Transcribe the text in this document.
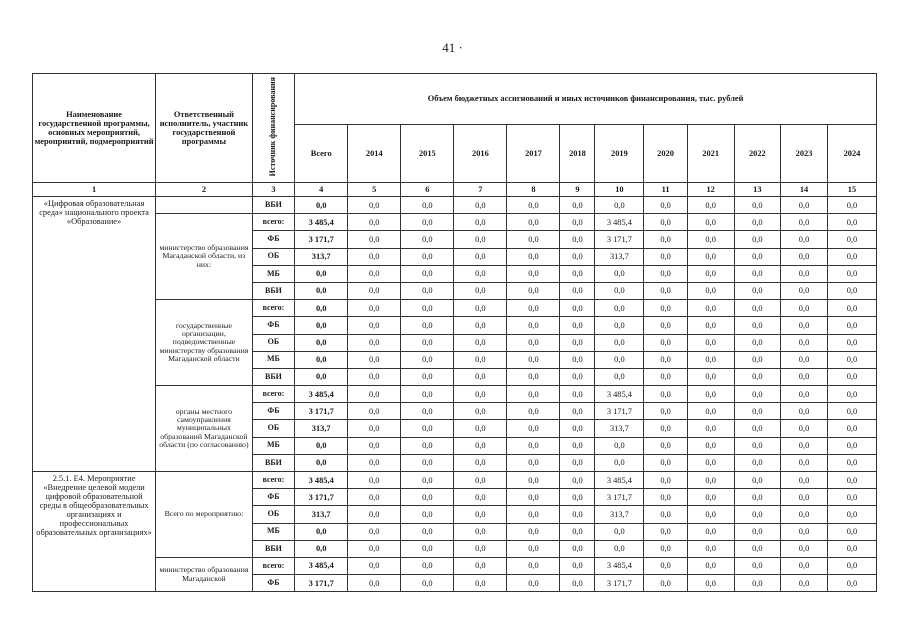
41 ·
Наименование государственной программы, основных мероприятий, мероприятий, подмероприятий	Ответственный исполнитель, участник государственной программы	Источник финансирования	Объем бюджетных ассигнований и иных источников финансирования, тыс. рублей											
			Всего	2014	2015	2016	2017	2018	2019	2020	2021	2022	2023	2024
1	2	3	4	5	6	7	8	9	10	11	12	13	14	15
«Цифровая образовательная среда» национального проекта «Образование»		ВБИ	0,0	0,0	0,0	0,0	0,0	0,0	0,0	0,0	0,0	0,0	0,0	0,0
	министерство образования Магаданской области, из них:	всего:	3 485,4	0,0	0,0	0,0	0,0	0,0	3 485,4	0,0	0,0	0,0	0,0	0,0
		ФБ	3 171,7	0,0	0,0	0,0	0,0	0,0	3 171,7	0,0	0,0	0,0	0,0	0,0
		ОБ	313,7	0,0	0,0	0,0	0,0	0,0	313,7	0,0	0,0	0,0	0,0	0,0
		МБ	0,0	0,0	0,0	0,0	0,0	0,0	0,0	0,0	0,0	0,0	0,0	0,0
		ВБИ	0,0	0,0	0,0	0,0	0,0	0,0	0,0	0,0	0,0	0,0	0,0	0,0
	государственные организации, подведомственные министерству образования Магаданской области	всего:	0,0	0,0	0,0	0,0	0,0	0,0	0,0	0,0	0,0	0,0	0,0	0,0
		ФБ	0,0	0,0	0,0	0,0	0,0	0,0	0,0	0,0	0,0	0,0	0,0	0,0
		ОБ	0,0	0,0	0,0	0,0	0,0	0,0	0,0	0,0	0,0	0,0	0,0	0,0
		МБ	0,0	0,0	0,0	0,0	0,0	0,0	0,0	0,0	0,0	0,0	0,0	0,0
		ВБИ	0,0	0,0	0,0	0,0	0,0	0,0	0,0	0,0	0,0	0,0	0,0	0,0
	органы местного самоуправления муниципальных образований Магаданской области (по согласованию)	всего:	3 485,4	0,0	0,0	0,0	0,0	0,0	3 485,4	0,0	0,0	0,0	0,0	0,0
		ФБ	3 171,7	0,0	0,0	0,0	0,0	0,0	3 171,7	0,0	0,0	0,0	0,0	0,0
		ОБ	313,7	0,0	0,0	0,0	0,0	0,0	313,7	0,0	0,0	0,0	0,0	0,0
		МБ	0,0	0,0	0,0	0,0	0,0	0,0	0,0	0,0	0,0	0,0	0,0	0,0
		ВБИ	0,0	0,0	0,0	0,0	0,0	0,0	0,0	0,0	0,0	0,0	0,0	0,0
2.5.1. Е4. Мероприятие «Внедрение целевой модели цифровой образовательной среды в общеобразовательных организациях и профессиональных образовательных организациях»	Всего по мероприятию:	всего:	3 485,4	0,0	0,0	0,0	0,0	0,0	3 485,4	0,0	0,0	0,0	0,0	0,0
		ФБ	3 171,7	0,0	0,0	0,0	0,0	0,0	3 171,7	0,0	0,0	0,0	0,0	0,0
		ОБ	313,7	0,0	0,0	0,0	0,0	0,0	313,7	0,0	0,0	0,0	0,0	0,0
		МБ	0,0	0,0	0,0	0,0	0,0	0,0	0,0	0,0	0,0	0,0	0,0	0,0
		ВБИ	0,0	0,0	0,0	0,0	0,0	0,0	0,0	0,0	0,0	0,0	0,0	0,0
	министерство образования Магаданской	всего:	3 485,4	0,0	0,0	0,0	0,0	0,0	3 485,4	0,0	0,0	0,0	0,0	0,0
		ФБ	3 171,7	0,0	0,0	0,0	0,0	0,0	3 171,7	0,0	0,0	0,0	0,0	0,0
